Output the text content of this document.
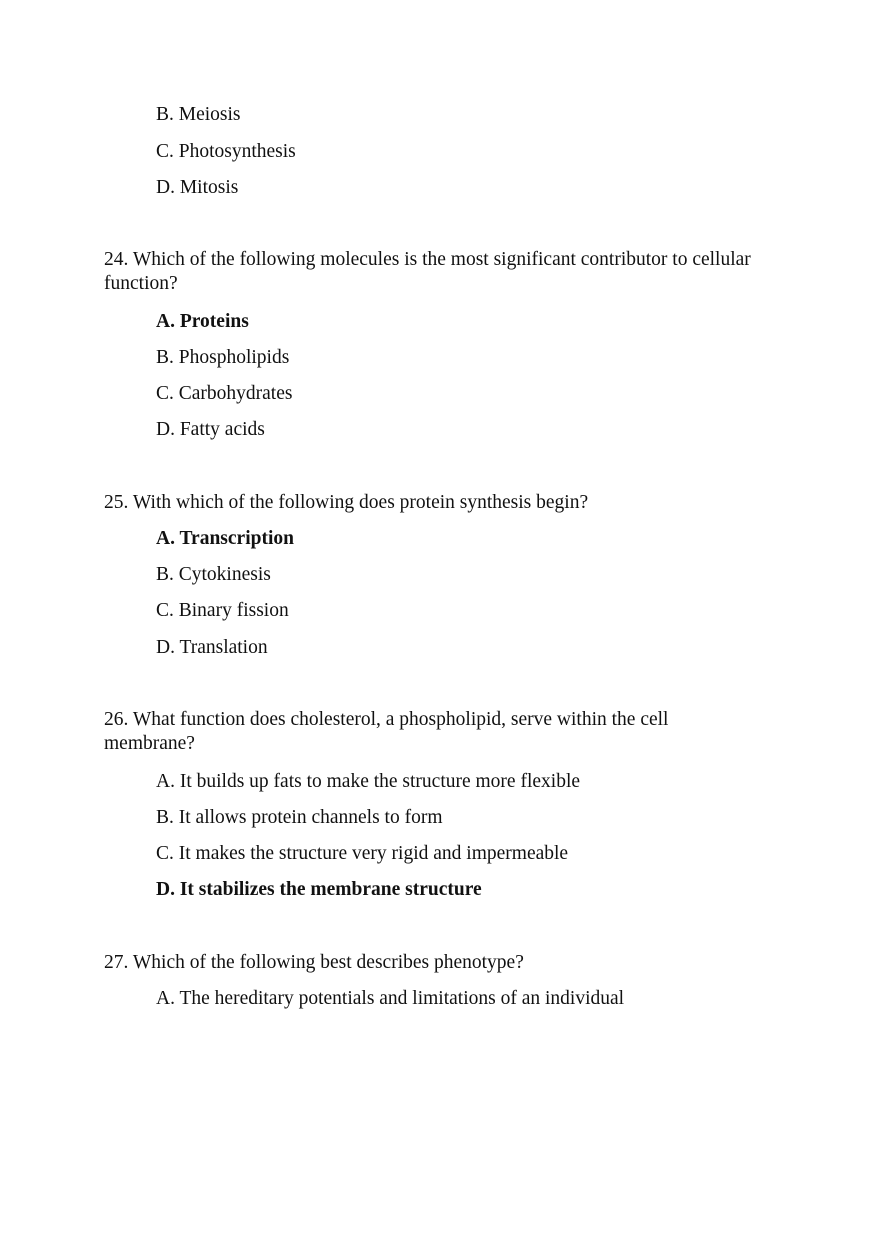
B. Meiosis
C. Photosynthesis
D. Mitosis
24. Which of the following molecules is the most significant contributor to cellular function?
A. Proteins
B. Phospholipids
C. Carbohydrates
D. Fatty acids
25. With which of the following does protein synthesis begin?
A. Transcription
B. Cytokinesis
C. Binary fission
D. Translation
26. What function does cholesterol, a phospholipid, serve within the cell membrane?
A. It builds up fats to make the structure more flexible
B. It allows protein channels to form
C. It makes the structure very rigid and impermeable
D. It stabilizes the membrane structure
27. Which of the following best describes phenotype?
A. The hereditary potentials and limitations of an individual
